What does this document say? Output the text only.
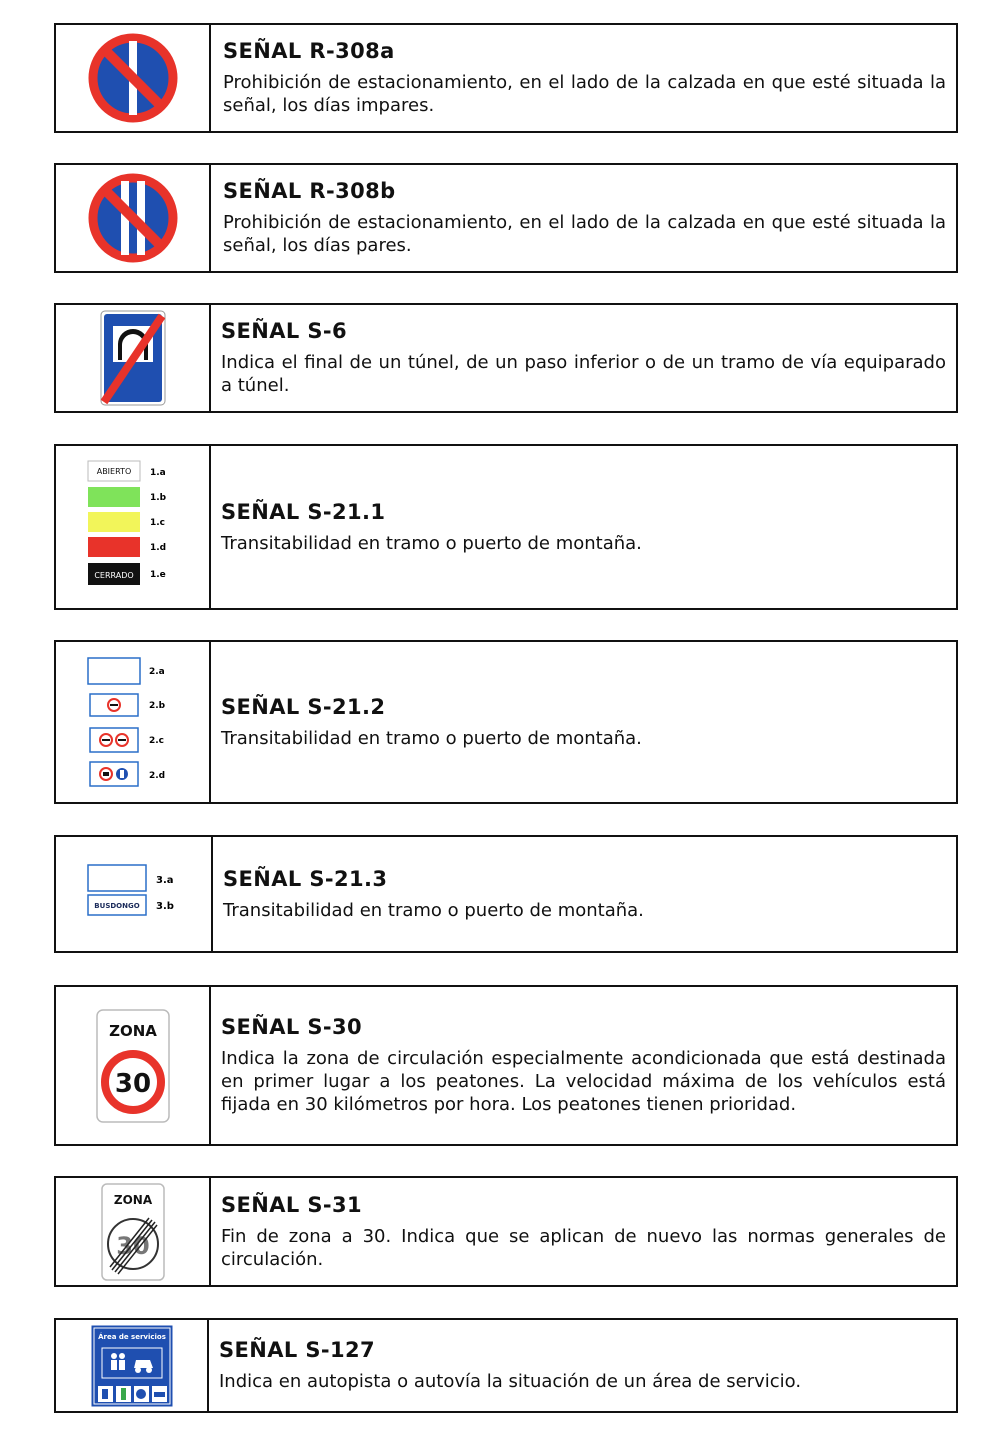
SEÑAL R-308a
Prohibición de estacionamiento, en el lado de la calzada en que esté situada la señal, los días impares.
SEÑAL R-308b
Prohibición de estacionamiento, en el lado de la calzada en que esté situada la señal, los días pares.
SEÑAL S-6
Indica el final de un túnel, de un paso inferior o de un tramo de vía equiparado a túnel.
ABIERTO
CERRADO
1.a
1.b
1.c
1.d
1.e
SEÑAL S-21.1
Transitabilidad en tramo o puerto de montaña.
2.a
2.b
2.c
2.d
SEÑAL S-21.2
Transitabilidad en tramo o puerto de montaña.
BUSDONGO
3.a
3.b
SEÑAL S-21.3
Transitabilidad en tramo o puerto de montaña.
ZONA
30
SEÑAL S-30
Indica la zona de circulación especialmente acondicionada que está destinada en primer lugar a los peatones. La velocidad máxima de los vehículos está fijada en 30 kilómetros por hora. Los peatones tienen prioridad.
ZONA
30
SEÑAL S-31
Fin de zona a 30. Indica que se aplican de nuevo las normas generales de circulación.
Área de servicios
SEÑAL S-127
Indica en autopista o autovía la situación de un área de servicio.
